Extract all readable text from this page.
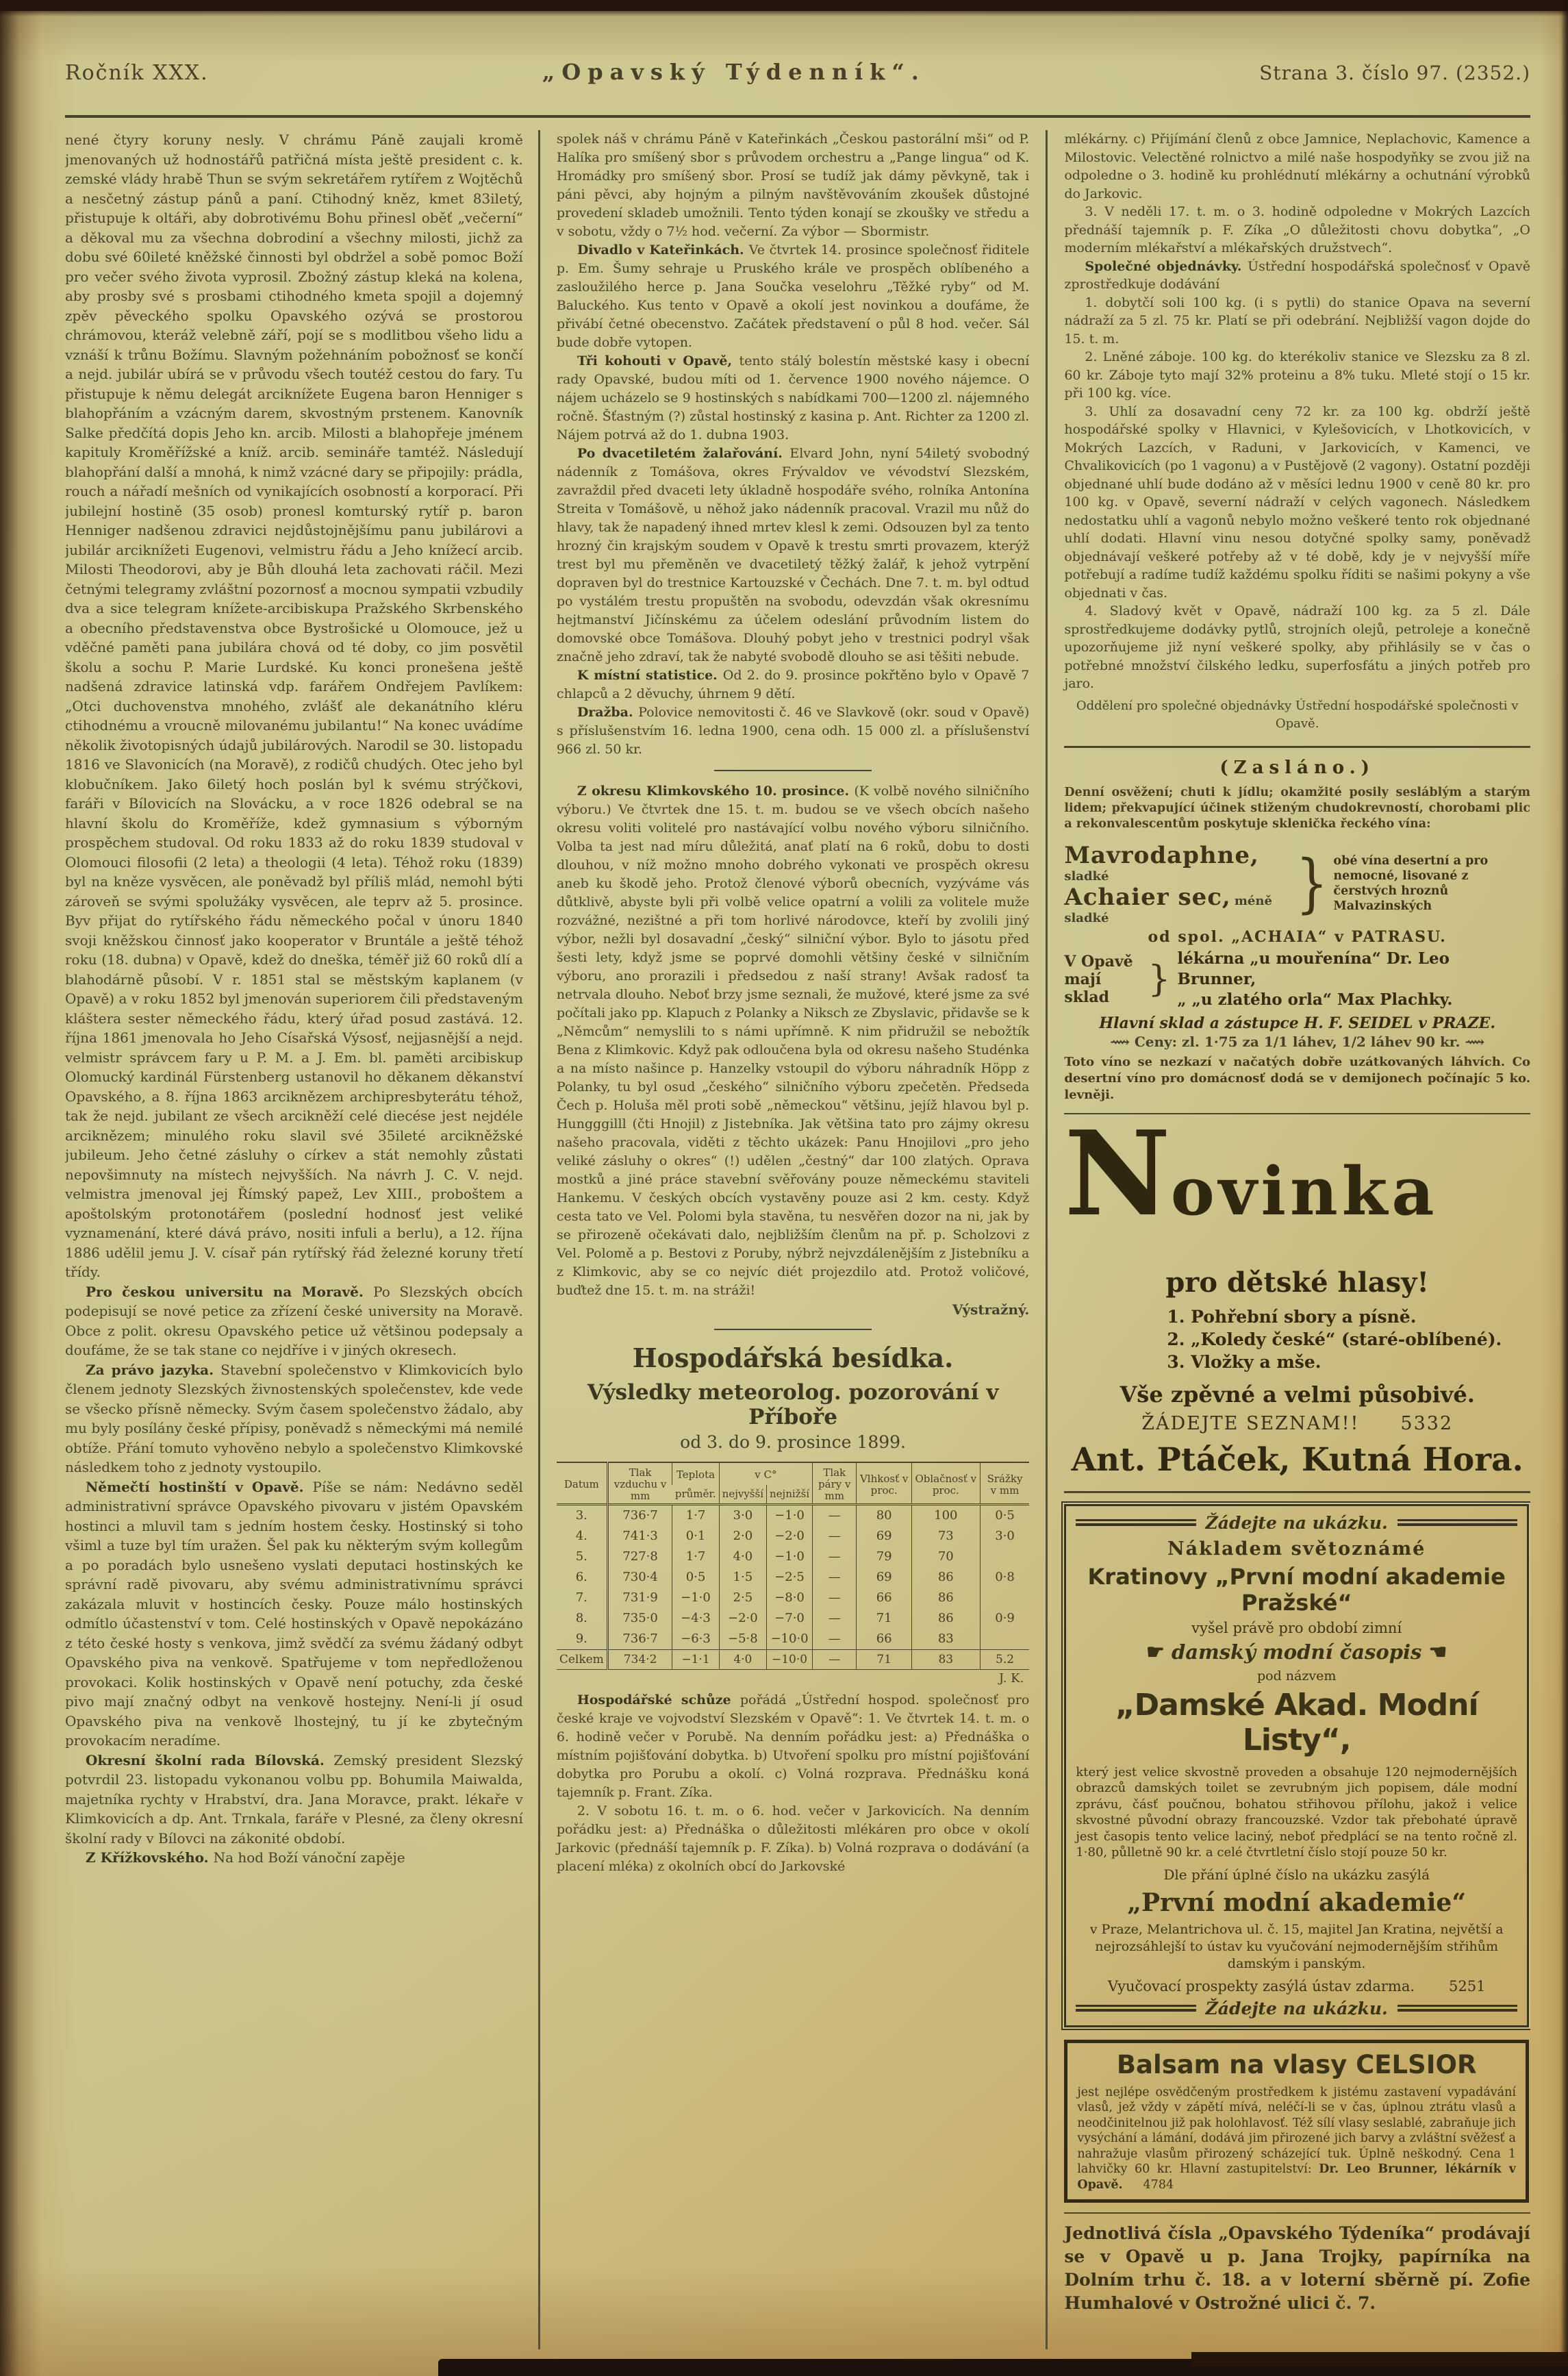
Ročník XXX.	„Opavský Týdenník“.	Strana 3. číslo 97. (2352.)

nené čtyry koruny nesly. V chrámu Páně zaujali kromě jmenovaných už hodnostářů patřičná místa ještě president c. k. zemské vlády hrabě Thun se svým sekretářem rytířem z Wojtěchů a nesčetný zástup pánů a paní. Ctihodný kněz, kmet 83iletý, přistupuje k oltáři, aby dobrotivému Bohu přinesl oběť „večerní“ a děkoval mu za všechna dobrodiní a všechny milosti, jichž za dobu své 60ileté kněžské činnosti byl obdržel a sobě pomoc Boží pro večer svého života vyprosil. Zbožný zástup kleká na kolena, aby prosby své s prosbami ctihodného kmeta spojil a dojemný zpěv pěveckého spolku Opavského ozývá se prostorou chrámovou, kteráž velebně září, pojí se s modlitbou všeho lidu a vznáší k trůnu Božímu. Slavným požehnáním pobožnosť se končí a nejd. jubilár ubírá se v průvodu všech toutéž cestou do fary. Tu přistupuje k němu delegát arciknížete Eugena baron Henniger s blahopřáním a vzácným darem, skvostným prstenem. Kanovník Salke předčítá dopis Jeho kn. arcib. Milosti a blahopřeje jménem kapituly Kroměřížské a kníž. arcib. semináře tamtéž. Následují blahopřání další a mnohá, k nimž vzácné dary se připojily: prádla, rouch a nářadí mešních od vynikajících osobností a korporací. Při jubilejní hostině (35 osob) pronesl komturský rytíř p. baron Henniger nadšenou zdravici nejdůstojnějšímu panu jubilárovi a jubilár arciknížeti Eugenovi, velmistru řádu a Jeho knížecí arcib. Milosti Theodorovi, aby je Bůh dlouhá leta zachovati ráčil. Mezi četnými telegramy zvláštní pozornosť a mocnou sympatii vzbudily dva a sice telegram knížete-arcibiskupa Pražského Skrbenského a obecního představenstva obce Bystrošické u Olomouce, jež u vděčné paměti pana jubilára chová od té doby, co jim posvětil školu a sochu P. Marie Lurdské. Ku konci pronešena ještě nadšená zdravice latinská vdp. farářem Ondřejem Pavlíkem: „Otci duchovenstva mnohého, zvlášť ale dekanátního kléru ctihodnému a vroucně milovanému jubilantu!“ Na konec uvádíme několik životopisných údajů jubilárových. Narodil se 30. listopadu 1816 ve Slavonicích (na Moravě), z rodičů chudých. Otec jeho byl klobučníkem. Jako 6iletý hoch poslán byl k svému strýčkovi, faráři v Bílovicích na Slovácku, a v roce 1826 odebral se na hlavní školu do Kroměříže, kdež gymnasium s výborným prospěchem studoval. Od roku 1833 až do roku 1839 studoval v Olomouci filosofii (2 leta) a theologii (4 leta). Téhož roku (1839) byl na kněze vysvěcen, ale poněvadž byl příliš mlád, nemohl býti zároveň se svými spolužáky vysvěcen, ale teprv až 5. prosince. Byv přijat do rytířského řádu německého počal v únoru 1840 svoji kněžskou činnosť jako kooperator v Bruntále a ještě téhož roku (18. dubna) v Opavě, kdež do dneška, téměř již 60 roků dlí a blahodárně působí. V r. 1851 stal se městským kaplanem (v Opavě) a v roku 1852 byl jmenován superiorem čili představeným kláštera sester německého řádu, který úřad posud zastává. 12. října 1861 jmenovala ho Jeho Císařská Výsosť, nejjasnější a nejd. velmistr správcem fary u P. M. a J. Em. bl. paměti arcibiskup Olomucký kardinál Fürstenberg ustanovil ho děkanem děkanství Opavského, a 8. října 1863 arciknězem archipresbyterátu téhož, tak že nejd. jubilant ze všech arcikněží celé diecése jest nejdéle arciknězem; minulého roku slavil své 35ileté arcikněžské jubileum. Jeho četné zásluhy o církev a stát nemohly zůstati nepovšimnuty na místech nejvyšších. Na návrh J. C. V. nejd. velmistra jmenoval jej Římský papež, Lev XIII., proboštem a apoštolským protonotářem (poslední hodnosť jest veliké vyznamenání, které dává právo, nositi infuli a berlu), a 12. října 1886 udělil jemu J. V. císař pán rytířský řád železné koruny třetí třídy.

Pro českou universitu na Moravě. Po Slezských obcích podepisují se nové petice za zřízení české university na Moravě. Obce z polit. okresu Opavského petice už většinou podepsaly a doufáme, že se tak stane co nejdříve i v jiných okresech.

Za právo jazyka. Stavební společenstvo v Klimkovicích bylo členem jednoty Slezských živnostenských společenstev, kde vede se všecko přísně německy. Svým časem společenstvo žádalo, aby mu byly posílány české přípisy, poněvadž s německými má nemilé obtíže. Přání tomuto vyhověno nebylo a společenstvo Klimkovské následkem toho z jednoty vystoupilo.

Němečtí hostinští v Opavě. Píše se nám: Nedávno seděl administrativní správce Opavského pivovaru v jistém Opavském hostinci a mluvil tam s jedním hostem česky. Hostinský si toho všiml a tuze byl tím uražen. Šel pak ku některým svým kollegům a po poradách bylo usnešeno vyslati deputaci hostinských ke správní radě pivovaru, aby svému administrativnímu správci zakázala mluvit v hostincích česky. Pouze málo hostinských odmítlo účastenství v tom. Celé hostinských v Opavě nepokázáno z této české hosty s venkova, jimž svědčí za svému žádaný odbyt Opavského piva na venkově. Spatřujeme v tom nepředloženou provokaci. Kolik hostinských v Opavě není potuchy, zda české pivo mají značný odbyt na venkově hostejny. Není-li jí osud Opavského piva na venkově lhostejný, tu jí ke zbytečným provokacím neradíme.

Okresní školní rada Bílovská. Zemský president Slezský potvrdil 23. listopadu vykonanou volbu pp. Bohumila Maiwalda, majetníka rychty v Hrabství, dra. Jana Moravce, prakt. lékaře v Klimkovicích a dp. Ant. Trnkala, faráře v Plesné, za členy okresní školní rady v Bílovci na zákonité období.

Z Křížkovského. Na hod Boží vánoční zapěje

spolek náš v chrámu Páně v Kateřinkách „Českou pastorální mši“ od P. Halíka pro smíšený sbor s průvodem orchestru a „Pange lingua“ od K. Hromádky pro smíšený sbor. Prosí se tudíž jak dámy pěvkyně, tak i páni pěvci, aby hojným a pilným navštěvováním zkoušek důstojné provedení skladeb umožnili. Tento týden konají se zkoušky ve středu a v sobotu, vždy o 7½ hod. večerní. Za výbor — Sbormistr.

Divadlo v Kateřinkách. Ve čtvrtek 14. prosince společnosť řiditele p. Em. Šumy sehraje u Pruského krále ve prospěch oblíbeného a zasloužilého herce p. Jana Součka veselohru „Těžké ryby“ od M. Baluckého. Kus tento v Opavě a okolí jest novinkou a doufáme, že přivábí četné obecenstvo. Začátek představení o půl 8 hod. večer. Sál bude dobře vytopen.

Tři kohouti v Opavě, tento stálý bolestín městské kasy i obecní rady Opavské, budou míti od 1. července 1900 nového nájemce. O nájem ucházelo se 9 hostinských s nabídkami 700—1200 zl. nájemného ročně. Šťastným (?) zůstal hostinský z kasina p. Ant. Richter za 1200 zl. Nájem potrvá až do 1. dubna 1903.

Po dvacetiletém žalařování. Elvard John, nyní 54iletý svobodný nádenník z Tomášova, okres Frývaldov ve vévodství Slezském, zavraždil před dvaceti lety úkladně hospodáře svého, rolníka Antonína Streita v Tomášově, u něhož jako nádenník pracoval. Vrazil mu nůž do hlavy, tak že napadený ihned mrtev klesl k zemi. Odsouzen byl za tento hrozný čin krajským soudem v Opavě k trestu smrti provazem, kterýž trest byl mu přeměněn ve dvacetiletý těžký žalář, k jehož vytrpění dopraven byl do trestnice Kartouzské v Čechách. Dne 7. t. m. byl odtud po vystálém trestu propuštěn na svobodu, odevzdán však okresnímu hejtmanství Jičínskému za účelem odeslání průvodním listem do domovské obce Tomášova. Dlouhý pobyt jeho v trestnici podryl však značně jeho zdraví, tak že nabyté svobodě dlouho se asi těšiti nebude.

K místní statistice. Od 2. do 9. prosince pokřtěno bylo v Opavě 7 chlapců a 2 děvuchy, úhrnem 9 dětí.

Dražba. Polovice nemovitosti č. 46 ve Slavkově (okr. soud v Opavě) s příslušenstvím 16. ledna 1900, cena odh. 15 000 zl. a příslušenství 966 zl. 50 kr.

Z okresu Klimkovského 10. prosince. (K volbě nového silničního výboru.) Ve čtvrtek dne 15. t. m. budou se ve všech obcích našeho okresu voliti volitelé pro nastávající volbu nového výboru silničního. Volba ta jest nad míru důležitá, anať platí na 6 roků, dobu to dosti dlouhou, v níž možno mnoho dobrého vykonati ve prospěch okresu aneb ku škodě jeho. Protož členové výborů obecních, vyzýváme vás důtklivě, abyste byli při volbě velice opatrní a volili za volitele muže rozvážné, nezištné a při tom horlivé národovce, kteří by zvolili jiný výbor, nežli byl dosavadní „český“ silniční výbor. Bylo to jásotu před šesti lety, když jsme se poprvé domohli většiny české v silničním výboru, ano prorazili i předsedou z naší strany! Avšak radosť ta netrvala dlouho. Neboť brzy jsme seznali, že mužové, které jsme za své počítali jako pp. Klapuch z Polanky a Niksch ze Zbyslavic, přidavše se k „Němcům“ nemyslili to s námi upřímně. K nim přidružil se nebožtík Bena z Klimkovic. Když pak odloučena byla od okresu našeho Studénka a na místo našince p. Hanzelky vstoupil do výboru náhradník Höpp z Polanky, tu byl osud „českého“ silničního výboru zpečetěn. Předseda Čech p. Holuša měl proti sobě „německou“ většinu, jejíž hlavou byl p. Hungggilll (čti Hnojil) z Jistebníka. Jak většina tato pro zájmy okresu našeho pracovala, viděti z těchto ukázek: Panu Hnojilovi „pro jeho veliké zásluhy o okres“ (!) udělen „čestný“ dar 100 zlatých. Oprava mostků a jiné práce stavební svěřovány pouze německému staviteli Hankemu. V českých obcích vystavěny pouze asi 2 km. cesty. Když cesta tato ve Vel. Polomi byla stavěna, tu nesvěřen dozor na ni, jak by se přirozeně očekávati dalo, nejbližším členům na př. p. Scholzovi z Vel. Polomě a p. Bestovi z Poruby, nýbrž nejvzdálenějším z Jistebníku a z Klimkovic, aby se co nejvíc diét projezdilo atd. Protož voličové, buďtež dne 15. t. m. na stráži!

Výstražný.

Hospodářská besídka.
Výsledky meteorolog. pozorování v Příboře
od 3. do 9. prosince 1899.
Datum	Tlak vzduchu v mm	Teplota	v C°		Tlak páry v mm	Vlhkosť v proc.	Oblačnosť v proc.	Srážky v mm
		průměr.	nejvyšší	nejnižší				
3.	736·7	1·7	3·0	−1·0	—	80	100	0·5
4.	741·3	0·1	2·0	−2·0	—	69	73	3·0
5.	727·8	1·7	4·0	−1·0	—	79	70	
6.	730·4	0·5	1·5	−2·5	—	69	86	0·8
7.	731·9	−1·0	2·5	−8·0	—	66	86	
8.	735·0	−4·3	−2·0	−7·0	—	71	86	0·9
9.	736·7	−6·3	−5·8	−10·0	—	66	83	
Celkem	734·2	−1·1	4·0	−10·0	—	71	83	5.2
J. K.

Hospodářské schůze pořádá „Ústřední hospod. společnosť pro české kraje ve vojvodství Slezském v Opavě“: 1. Ve čtvrtek 14. t. m. o 6. hodině večer v Porubě. Na denním pořádku jest: a) Přednáška o místním pojišťování dobytka. b) Utvoření spolku pro místní pojišťování dobytka pro Porubu a okolí. c) Volná rozprava. Přednášku koná tajemník p. Frant. Zíka.

2. V sobotu 16. t. m. o 6. hod. večer v Jarkovicích. Na denním pořádku jest: a) Přednáška o důležitosti mlékáren pro obce v okolí Jarkovic (přednáší tajemník p. F. Zíka). b) Volná rozprava o dodávání (a placení mléka) z okolních obcí do Jarkovské

mlékárny. c) Přijímání členů z obce Jamnice, Neplachovic, Kamence a Milostovic. Velectěné rolnictvo a milé naše hospodyňky se zvou již na odpoledne o 3. hodině ku prohlédnutí mlékárny a ochutnání výrobků do Jarkovic.

3. V neděli 17. t. m. o 3. hodině odpoledne v Mokrých Lazcích přednáší tajemník p. F. Zíka „O důležitosti chovu dobytka“, „O moderním mlékařství a mlékařských družstvech“.

Společné objednávky. Ústřední hospodářská společnosť v Opavě zprostředkuje dodávání

1. dobytčí soli 100 kg. (i s pytli) do stanice Opava na severní nádraží za 5 zl. 75 kr. Platí se při odebrání. Nejbližší vagon dojde do 15. t. m.

2. Lněné záboje. 100 kg. do kterékoliv stanice ve Slezsku za 8 zl. 60 kr. Záboje tyto mají 32% proteinu a 8% tuku. Mleté stojí o 15 kr. při 100 kg. více.

3. Uhlí za dosavadní ceny 72 kr. za 100 kg. obdrží ještě hospodářské spolky v Hlavnici, v Kylešovicích, v Lhotkovicích, v Mokrých Lazcích, v Raduni, v Jarkovicích, v Kamenci, ve Chvalikovicích (po 1 vagonu) a v Pustějově (2 vagony). Ostatní později objednané uhlí bude dodáno až v měsíci lednu 1900 v ceně 80 kr. pro 100 kg. v Opavě, severní nádraží v celých vagonech. Následkem nedostatku uhlí a vagonů nebylo možno veškeré tento rok objednané uhlí dodati. Hlavní vinu nesou dotyčné spolky samy, poněvadž objednávají veškeré potřeby až v té době, kdy je v nejvyšší míře potřebují a radíme tudíž každému spolku říditi se našimi pokyny a vše objednati v čas.

4. Sladový květ v Opavě, nádraží 100 kg. za 5 zl. Dále sprostředkujeme dodávky pytlů, strojních olejů, petroleje a konečně upozorňujeme již nyní veškeré spolky, aby přihlásily se v čas o potřebné množství čilského ledku, superfosfátu a jiných potřeb pro jaro.

Oddělení pro společné objednávky Ústřední hospodářské společnosti v Opavě.

(Zasláno.)

Denní osvěžení; chuti k jídlu; okamžité posily sesláblým a starým lidem; překvapující účinek stiženým chudokrevností, chorobami plic a rekonvalescentům poskytuje sklenička řeckého vína:

Mavrodaphne, sladké
Achaier sec, méně sladké	} obé vína desertní a pro nemocné, lisované z čerstvých hroznů Malvazinských
od spol. „ACHAIA“ v PATRASU.
V Opavě
mají sklad	}
lékárna „u mouřenína“ Dr. Leo Brunner,
„ „u zlatého orla“ Max Plachky.
Hlavní sklad a zástupce H. F. SEIDEL v PRAZE.
⟿ Ceny: zl. 1·75 za 1/1 láhev, 1/2 láhev 90 kr. ⟿

Toto víno se nezkazí v načatých dobře uzátkovaných láhvích. Co desertní víno pro domácnosť dodá se v demijonech počínajíc 5 ko. levněji.

Novinka
pro dětské hlasy!
1. Pohřební sbory a písně.
2. „Koledy české“ (staré-oblíbené).
3. Vložky a mše.
Vše zpěvné a velmi působivé.
ŽÁDEJTE SEZNAM!! 5332
Ant. Ptáček, Kutná Hora.
Žádejte na ukázku.
Nákladem světoznámé
Kratinovy „První modní akademie Pražské“
vyšel právě pro období zimní
☛ damský modní časopis ☚
pod názvem
„Damské Akad. Modní Listy“,

který jest velice skvostně proveden a obsahuje 120 nejmodernějších obrazců damských toilet se zevrubným jich popisem, dále modní zprávu, čásť poučnou, bohatou střihovou přílohu, jakož i velice skvostné původní obrazy francouzské. Vzdor tak přebohaté úpravě jest časopis tento velice laciný, neboť předplácí se na tento ročně zl. 1·80, půlletně 90 kr. a celé čtvrtletní číslo stojí pouze 50 kr.

Dle přání úplné číslo na ukázku zasýlá
„První modní akademie“
v Praze, Melantrichova ul. č. 15, majitel Jan Kratina, největší a nejrozsáhlejší to ústav ku vyučování nejmodernějším střihům damským i panským.
Vyučovací prospekty zasýlá ústav zdarma. 5251
Žádejte na ukázku.
Balsam na vlasy CELSIOR

jest nejlépe osvědčeným prostředkem k jistému zastavení vypadávání vlasů, jež vždy v zápětí mívá, neléčí-li se v čas, úplnou ztrátu vlasů a neodčinitelnou již pak holohlavosť. Též sílí vlasy seslablé, zabraňuje jich vysýchání a lámání, dodává jim přirozené jich barvy a zvláštní svěžesť a nahražuje vlasům přirozený scházející tuk. Úplně neškodný. Cena 1 lahvičky 60 kr. Hlavní zastupitelství: Dr. Leo Brunner, lékárník v Opavě. 4784

Jednotlivá čísla „Opavského Týdeníka“ prodávají se v Opavě u p. Jana Trojky, papírníka na Dolním trhu č. 18. a v loterní sběrně pí. Zofie Humhalové v Ostrožné ulici č. 7.
